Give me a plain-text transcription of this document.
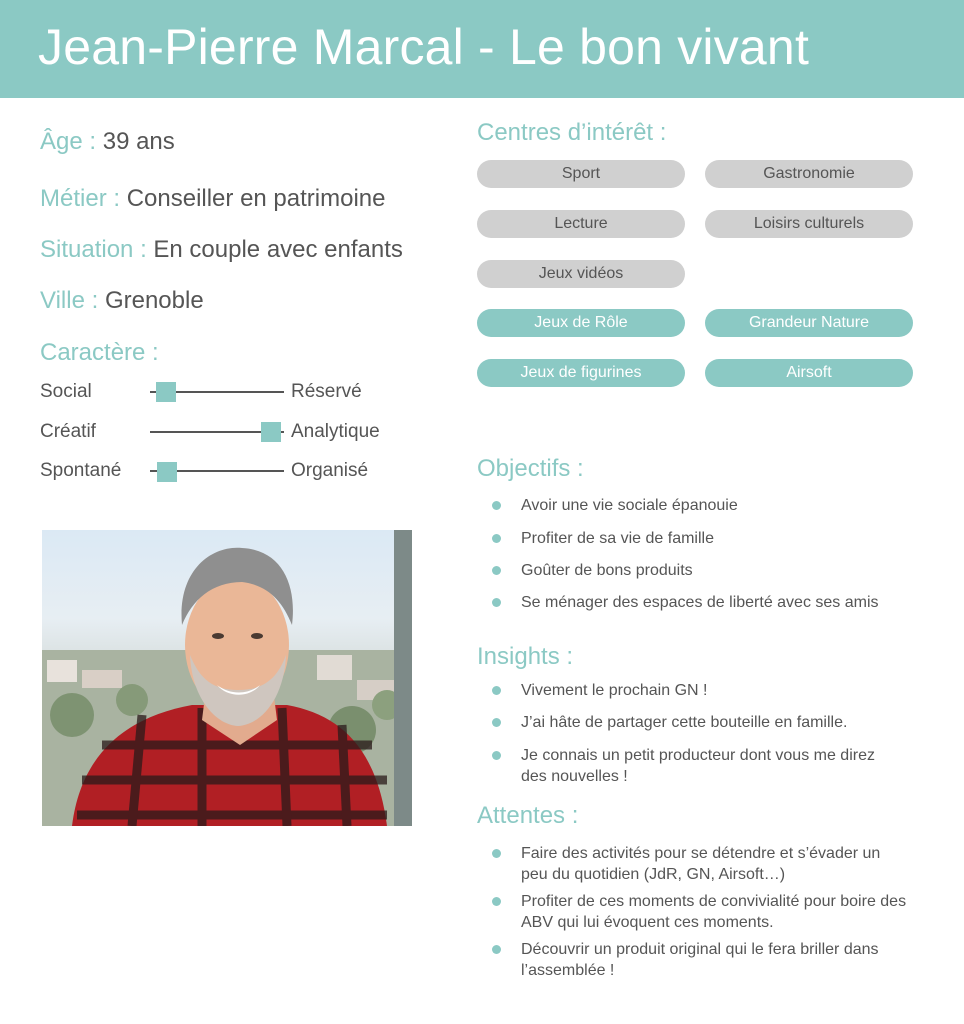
Jean-Pierre Marcal - Le bon vivant
Âge : 39 ans
Métier : Conseiller en patrimoine
Situation : En couple avec enfants
Ville : Grenoble
Caractère :
Social	Réservé
Créatif	Analytique
Spontané	Organisé
Centres d’intérêt :
Sport	Gastronomie
Lecture	Loisirs culturels
Jeux vidéos
Jeux de Rôle	Grandeur Nature
Jeux de figurines	Airsoft
Objectifs :
Avoir une vie sociale épanouie
Profiter de sa vie de famille
Goûter de bons produits
Se ménager des espaces de liberté avec ses amis
Insights :
Vivement le prochain GN !
J’ai hâte de partager cette bouteille en famille.
Je connais un petit producteur dont vous me direz des nouvelles !
Attentes :
Faire des activités pour se détendre et s’évader un peu du quotidien (JdR, GN, Airsoft…)
Profiter de ces moments de convivialité pour boire des ABV qui lui évoquent ces moments.
Découvrir un produit original qui le fera briller dans l’assemblée !
